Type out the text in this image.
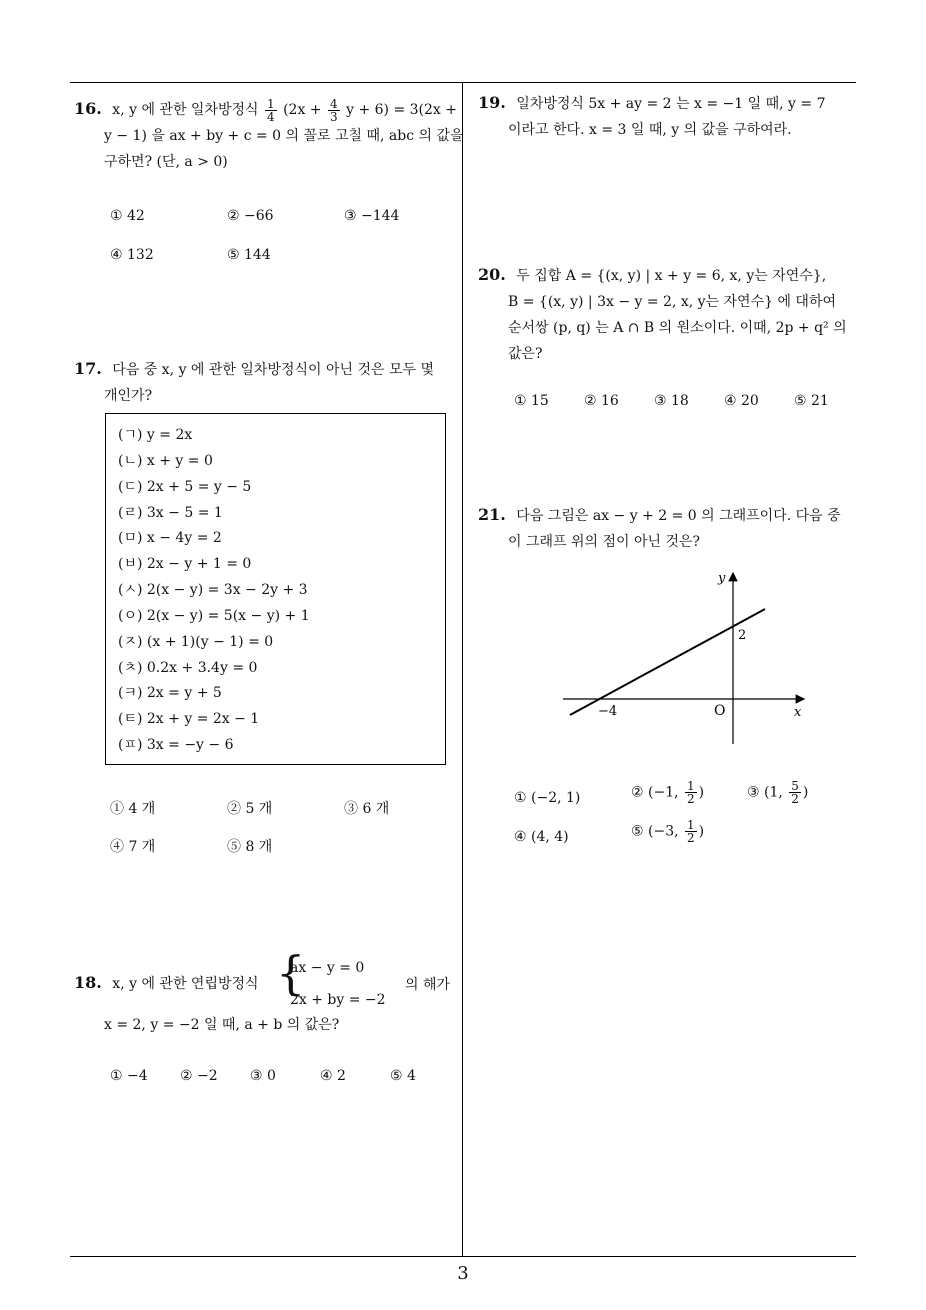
3
16. x, y 에 관한 일차방정식 $\frac{1}{4} (2x + \frac{4}{3}$ y + 6) = 3(2x +
y − 1) 을 ax + by + c = 0 의 꼴로 고칠 때, abc 의 값을
구하면? (단, a > 0)
① 42	② −66	③ −144
④ 132	⑤ 144
17. 다음 중 x, y 에 관한 일차방정식이 아닌 것은 모두 몇
개인가?
(ㄱ) y = 2x
(ㄴ) x + y = 0
(ㄷ) 2x + 5 = y − 5
(ㄹ) 3x − 5 = 1
(ㅁ) x − 4y = 2
(ㅂ) 2x − y + 1 = 0
(ㅅ) 2(x − y) = 3x − 2y + 3
(ㅇ) 2(x − y) = 5(x − y) + 1
(ㅈ) (x + 1)(y − 1) = 0
(ㅊ) 0.2x + 3.4y = 0
(ㅋ) 2x = y + 5
(ㅌ) 2x + y = 2x − 1
(ㅍ) 3x = −y − 6
① 4 개	② 5 개	③ 6 개
④ 7 개	⑤ 8 개
18. x, y 에 관한 연립방정식 {
ax − y = 0
2x + by = −2
의 해가
x = 2, y = −2 일 때, a + b 의 값은?
① −4 ② −2 ③ 0	④ 2	⑤ 4
19. 일차방정식 5x + ay = 2 는 x = −1 일 때, y = 7
이라고 한다. x = 3 일 때, y 의 값을 구하여라.
20. 두 집합 A = {(x, y) | x + y = 6, x, y는 자연수},
B = {(x, y) | 3x − y = 2, x, y는 자연수} 에 대하여
순서쌍 (p, q) 는 A ∩ B 의 원소이다. 이때, 2p + q² 의
값은?
① 15	② 16	③ 18	④ 20	⑤ 21
21. 다음 그림은 ax − y + 2 = 0 의 그래프이다. 다음 중
이 그래프 위의 점이 아닌 것은?
y
x
O
−4
2
① (−2, 1)	② (−1, $\frac{1}{2}$ )	③ (1, $\frac{5}{2}$ )
④ (4, 4)	⑤ (−3, $\frac{1}{2}$ )
